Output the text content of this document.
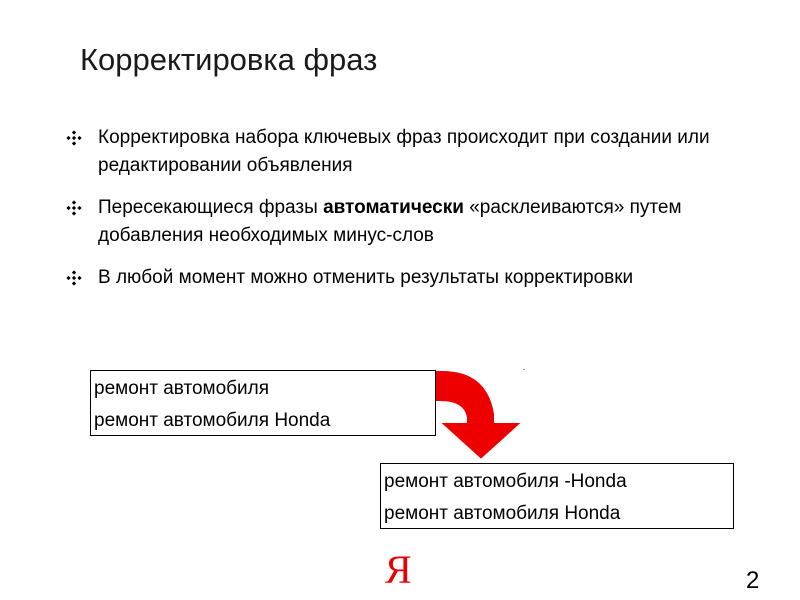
Корректировка фраз
Корректировка набора ключевых фраз происходит при создании или редактировании объявления
Пересекающиеся фразы автоматически «расклеиваются» путем добавления необходимых минус-слов
В любой момент можно отменить результаты корректировки
ремонт автомобиля
ремонт автомобиля Honda
ремонт автомобиля -Honda
ремонт автомобиля Honda
Я	2
